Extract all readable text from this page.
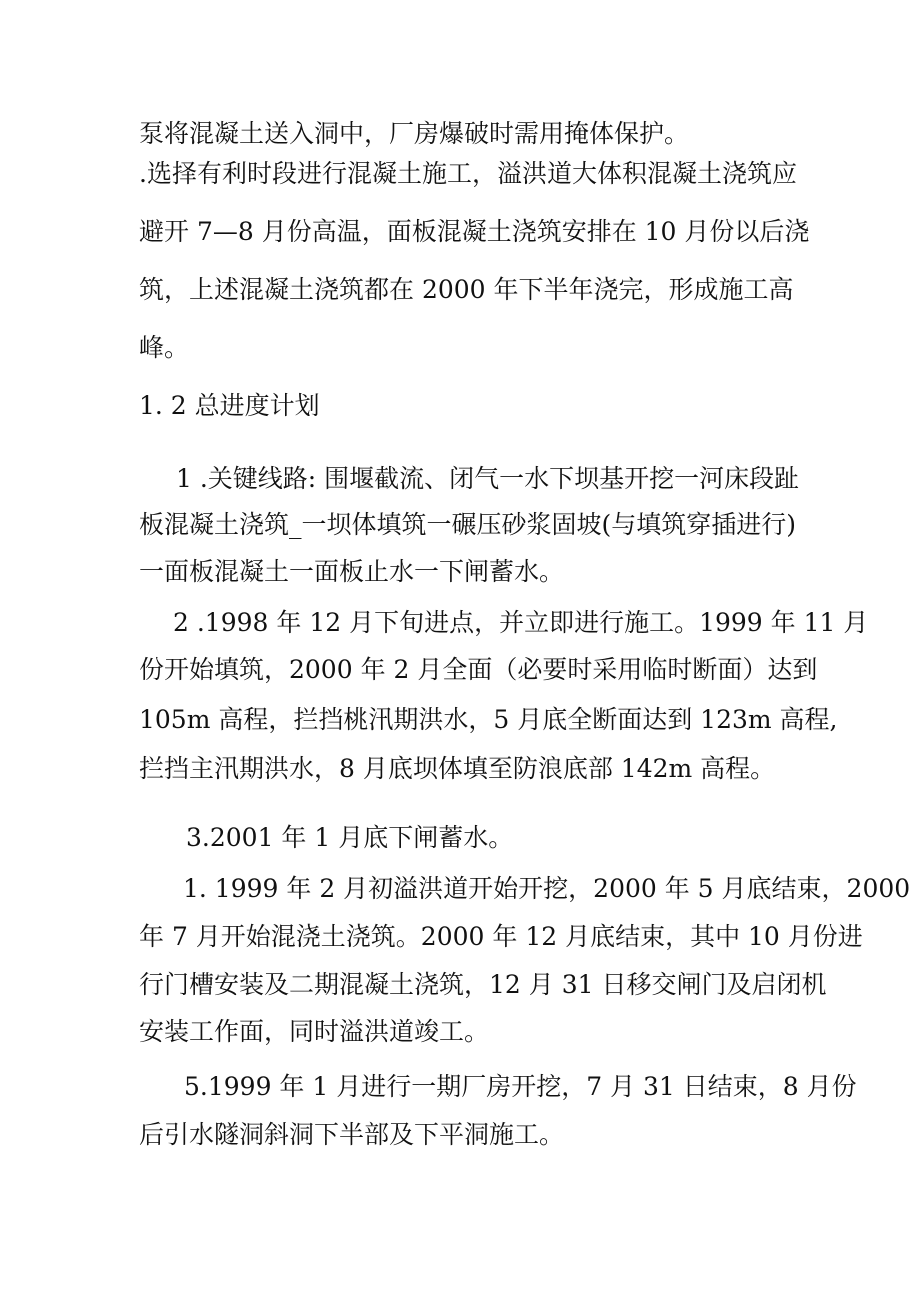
泵将混凝土送入洞中，厂房爆破时需用掩体保护。
.选择有利时段进行混凝土施工，溢洪道大体积混凝土浇筑应
避开 7—8 月份高温，面板混凝土浇筑安排在 10 月份以后浇
筑，上述混凝土浇筑都在 2000 年下半年浇完，形成施工高
峰。
1. 2 总进度计划
1 .关键线路: 围堰截流、闭气一水下坝基开挖一河床段趾
板混凝土浇筑_一坝体填筑一碾压砂浆固坡(与填筑穿插进行)
一面板混凝土一面板止水一下闸蓄水。
2 .1998 年 12 月下旬进点，并立即进行施工。1999 年 11 月
份开始填筑，2000 年 2 月全面（必要时采用临时断面）达到
105m 高程，拦挡桃汛期洪水，5 月底全断面达到 123m 高程,
拦挡主汛期洪水，8 月底坝体填至防浪底部 142m 高程。
3.2001 年 1 月底下闸蓄水。
1. 1999 年 2 月初溢洪道开始开挖，2000 年 5 月底结束，2000
年 7 月开始混浇土浇筑。2000 年 12 月底结束，其中 10 月份进
行门槽安装及二期混凝土浇筑，12 月 31 日移交闸门及启闭机
安装工作面，同时溢洪道竣工。
5.1999 年 1 月进行一期厂房开挖，7 月 31 日结束，8 月份
后引水隧洞斜洞下半部及下平洞施工。
